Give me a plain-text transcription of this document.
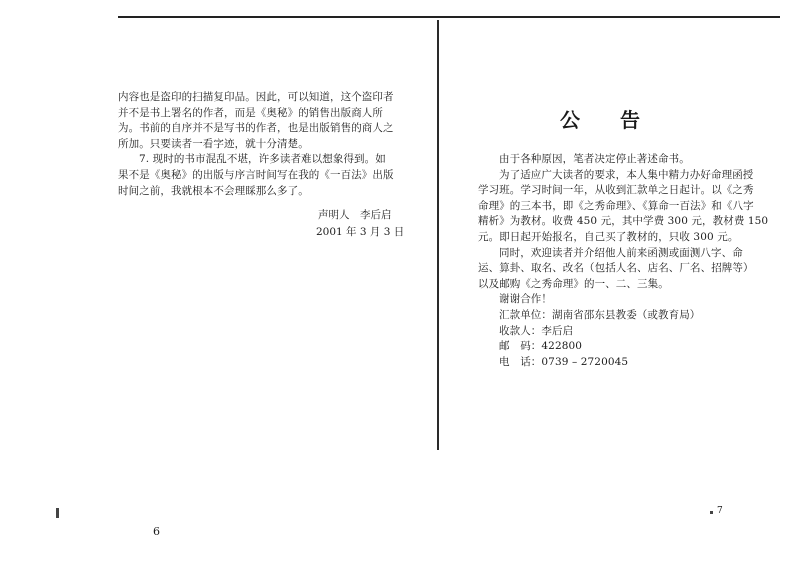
内容也是盗印的扫描复印品。因此，可以知道，这个盗印者

并不是书上署名的作者，而是《奥秘》的销售出版商人所

为。书前的自序并不是写书的作者，也是出版销售的商人之

所加。只要读者一看字迹，就十分清楚。

7. 现时的书市混乱不堪，许多读者难以想象得到。如

果不是《奥秘》的出版与序言时间写在我的《一百法》出版

时间之前，我就根本不会理睬那么多了。

声明人　李后启
2001 年 3 月 3 日
6
公告

由于各种原因，笔者决定停止著述命书。

为了适应广大读者的要求，本人集中精力办好命理函授

学习班。学习时间一年，从收到汇款单之日起计。以《之秀

命理》的三本书，即《之秀命理》、《算命一百法》和《八字

精析》为教材。收费 450 元，其中学费 300 元，教材费 150

元。即日起开始报名，自己买了教材的，只收 300 元。

同时，欢迎读者并介绍他人前来函测或面测八字、命

运、算卦、取名、改名（包括人名、店名、厂名、招牌等）

以及邮购《之秀命理》的一、二、三集。

谢谢合作！

汇款单位：湖南省邵东县教委（或教育局）

收款人：李后启

邮　码：422800

电　话：0739 – 2720045

7
